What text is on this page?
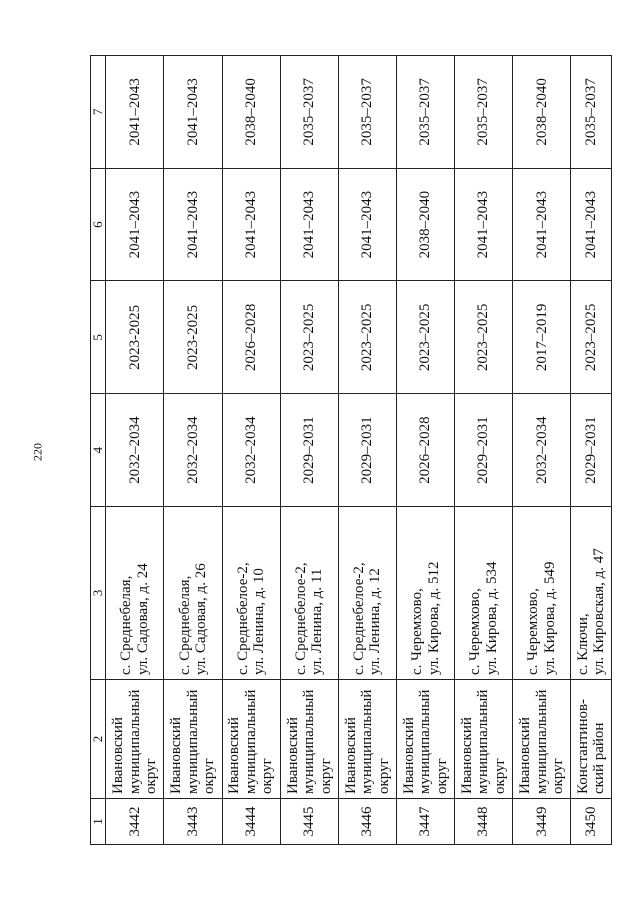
220
1	2	3	4	5	6	7
3442	Ивановский муниципальный округ	с. Среднебелая, ул. Садовая, д. 24	2032–2034	2023-2025	2041–2043	2041–2043
3443	Ивановский муниципальный округ	с. Среднебелая, ул. Садовая, д. 26	2032–2034	2023-2025	2041–2043	2041–2043
3444	Ивановский муниципальный округ	с. Среднебелое-2, ул. Ленина, д. 10	2032–2034	2026–2028	2041–2043	2038–2040
3445	Ивановский муниципальный округ	с. Среднебелое-2, ул. Ленина, д. 11	2029–2031	2023–2025	2041–2043	2035–2037
3446	Ивановский муниципальный округ	с. Среднебелое-2, ул. Ленина, д. 12	2029–2031	2023–2025	2041–2043	2035–2037
3447	Ивановский муниципальный округ	с. Черемхово, ул. Кирова, д. 512	2026–2028	2023–2025	2038–2040	2035–2037
3448	Ивановский муниципальный округ	с. Черемхово, ул. Кирова, д. 534	2029–2031	2023–2025	2041–2043	2035–2037
3449	Ивановский муниципальный округ	с. Черемхово, ул. Кирова, д. 549	2032–2034	2017–2019	2041–2043	2038–2040
3450	Константинов- ский район	с. Ключи, ул. Кировская, д. 47	2029–2031	2023–2025	2041–2043	2035–2037
